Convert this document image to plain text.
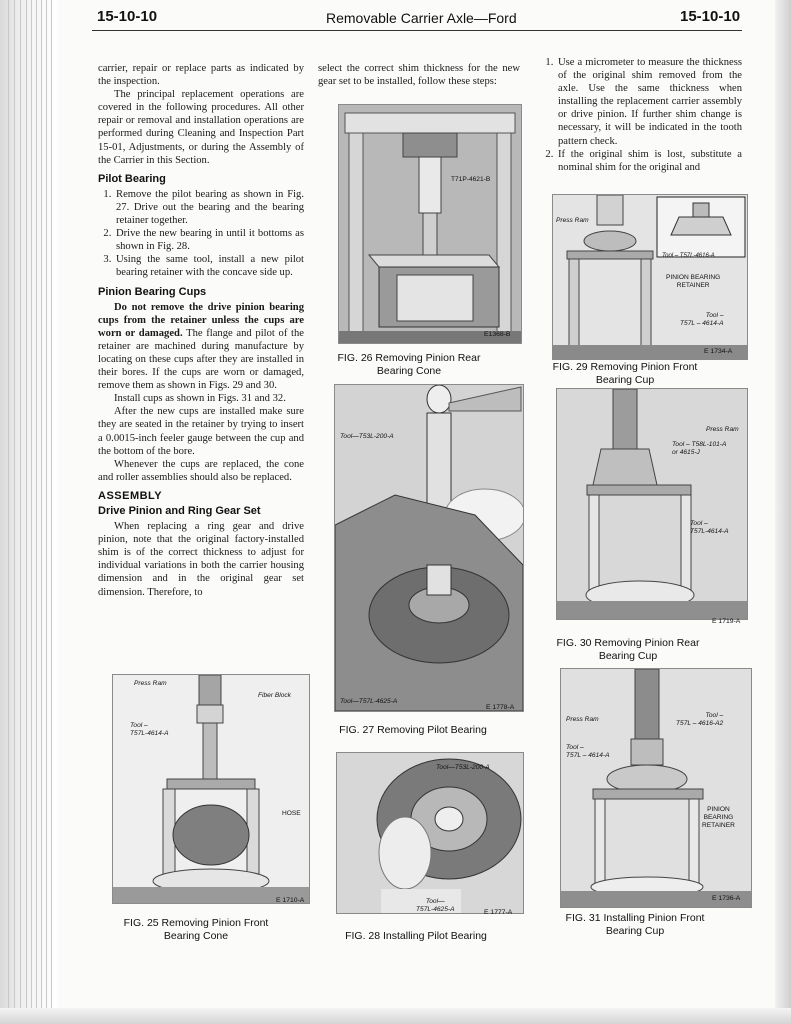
15-10-10	Removable Carrier Axle—Ford	15-10-10

carrier, repair or replace parts as indicated by the inspection.

The principal replacement operations are covered in the following procedures. All other repair or removal and installation operations are performed during Cleaning and Inspection Part 15-01, Adjustments, or during the Assembly of the Carrier in this Section.

Pilot Bearing
1. Remove the pilot bearing as shown in Fig. 27. Drive out the bearing and the bearing retainer together.
2. Drive the new bearing in until it bottoms as shown in Fig. 28.
3. Using the same tool, install a new pilot bearing retainer with the concave side up.
Pinion Bearing Cups

Do not remove the drive pinion bearing cups from the retainer unless the cups are worn or damaged. The flange and pilot of the retainer are machined during manufacture by locating on these cups after they are installed in their bores. If the cups are worn or damaged, remove them as shown in Figs. 29 and 30.

Install cups as shown in Figs. 31 and 32.

After the new cups are installed make sure they are seated in the retainer by trying to insert a 0.0015-inch feeler gauge between the cup and the bottom of the bore.

Whenever the cups are replaced, the cone and roller assemblies should also be replaced.

ASSEMBLY
Drive Pinion and Ring Gear Set

When replacing a ring gear and drive pinion, note that the original factory-installed shim is of the correct thickness to adjust for individual variations in both the carrier housing dimension and in the original gear set dimension. Therefore, to

select the correct shim thickness for the new gear set to be installed, follow these steps:

1. Use a micrometer to measure the thickness of the original shim removed from the axle. Use the same thickness when installing the replacement carrier assembly or drive pinion. If further shim change is necessary, it will be indicated in the tooth pattern check.
2. If the original shim is lost, substitute a nominal shim for the original and
T71P-4621-B
E1368-B
FIG. 26 Removing Pinion Rear Bearing Cone
Press Ram
Tool – T57L-4616-A
PINION BEARING
RETAINER
Tool –
T57L – 4614-A
E 1734-A
FIG. 29 Removing Pinion Front Bearing Cup
Tool—T53L-200-A
Tool—T57L-4625-A
E 1778-A
FIG. 27 Removing Pilot Bearing
Press Ram
Tool – T58L-101-A
or 4615-J
Tool –
T57L-4614-A
E 1719-A
FIG. 30 Removing Pinion Rear Bearing Cup
Press Ram
Fiber Block
Tool –
T57L-4614-A
HOSE
E 1710-A
FIG. 25 Removing Pinion Front Bearing Cone
Press Ram
Tool –
T57L – 4616-A2
Tool –
T57L – 4614-A
PINION
BEARING
RETAINER
E 1736-A
FIG. 31 Installing Pinion Front Bearing Cup
Tool—T53L-200-A
Tool—
T57L-4625-A	E 1777-A
FIG. 28 Installing Pilot Bearing
